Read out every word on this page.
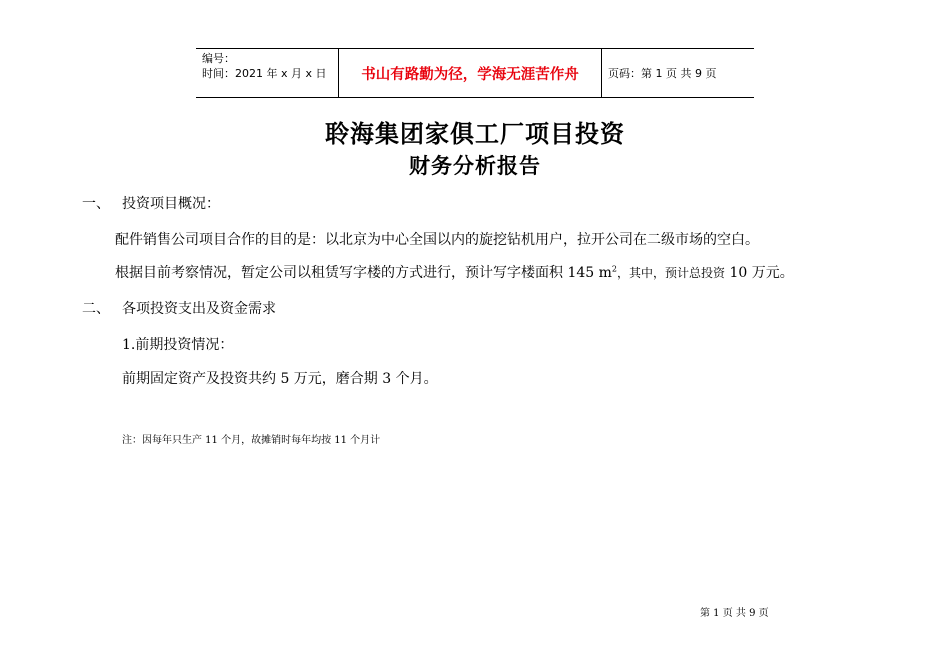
编号：
时间：2021 年 x 月 x 日	书山有路勤为径，学海无涯苦作舟	页码：第 1 页 共 9 页
聆海集团家俱工厂项目投资
财务分析报告
一、 投资项目概况：
配件销售公司项目合作的目的是：以北京为中心全国以内的旋挖钻机用户，拉开公司在二级市场的空白。
根据目前考察情况，暂定公司以租赁写字楼的方式进行，预计写字楼面积 145 $m^2$，其中，预计总投资 10 万元。
二、 各项投资支出及资金需求
1.前期投资情况：
前期固定资产及投资共约 5 万元，磨合期 3 个月。
注：因每年只生产 11 个月，故摊销时每年均按 11 个月计
第 1 页 共 9 页
